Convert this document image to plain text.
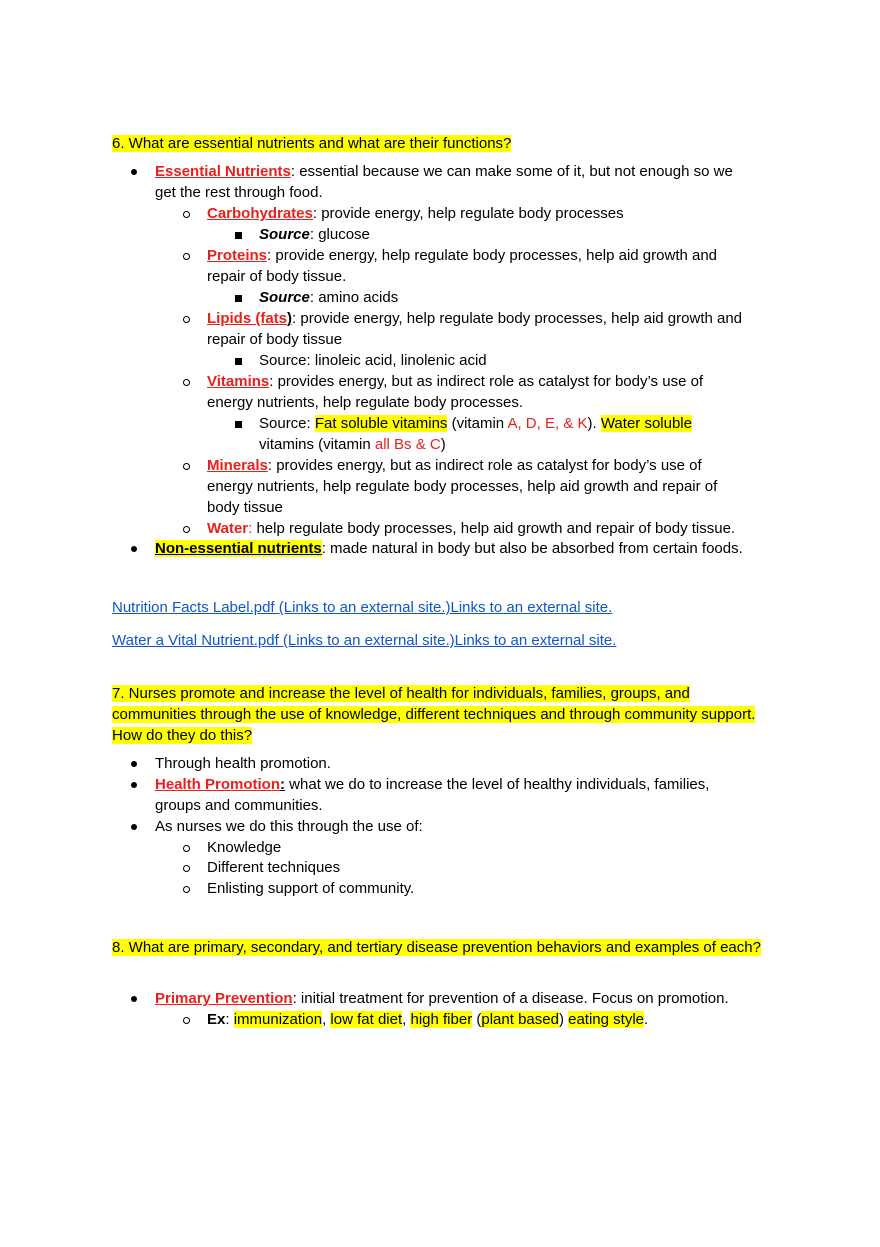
6. What are essential nutrients and what are their functions?
Essential Nutrients: essential because we can make some of it, but not enough so we
get the rest through food.
Carbohydrates: provide energy, help regulate body processes
Source: glucose
Proteins: provide energy, help regulate body processes, help aid growth and
repair of body tissue.
Source: amino acids
Lipids (fats): provide energy, help regulate body processes, help aid growth and
repair of body tissue
Source: linoleic acid, linolenic acid
Vitamins: provides energy, but as indirect role as catalyst for body’s use of
energy nutrients, help regulate body processes.
Source: Fat soluble vitamins (vitamin A, D, E, & K). Water soluble
vitamins (vitamin all Bs & C)
Minerals: provides energy, but as indirect role as catalyst for body’s use of
energy nutrients, help regulate body processes, help aid growth and repair of
body tissue
Water: help regulate body processes, help aid growth and repair of body tissue.
Non-essential nutrients: made natural in body but also be absorbed from certain foods.
Nutrition Facts Label.pdf (Links to an external site.)Links to an external site.
Water a Vital Nutrient.pdf (Links to an external site.)Links to an external site.
7. Nurses promote and increase the level of health for individuals, families, groups, and communities through the use of knowledge, different techniques and through community support. How do they do this?
Through health promotion.
Health Promotion: what we do to increase the level of healthy individuals, families,
groups and communities.
As nurses we do this through the use of:
Knowledge
Different techniques
Enlisting support of community.
8. What are primary, secondary, and tertiary disease prevention behaviors and examples of each?
Primary Prevention: initial treatment for prevention of a disease. Focus on promotion.
Ex: immunization, low fat diet, high fiber (plant based) eating style.
